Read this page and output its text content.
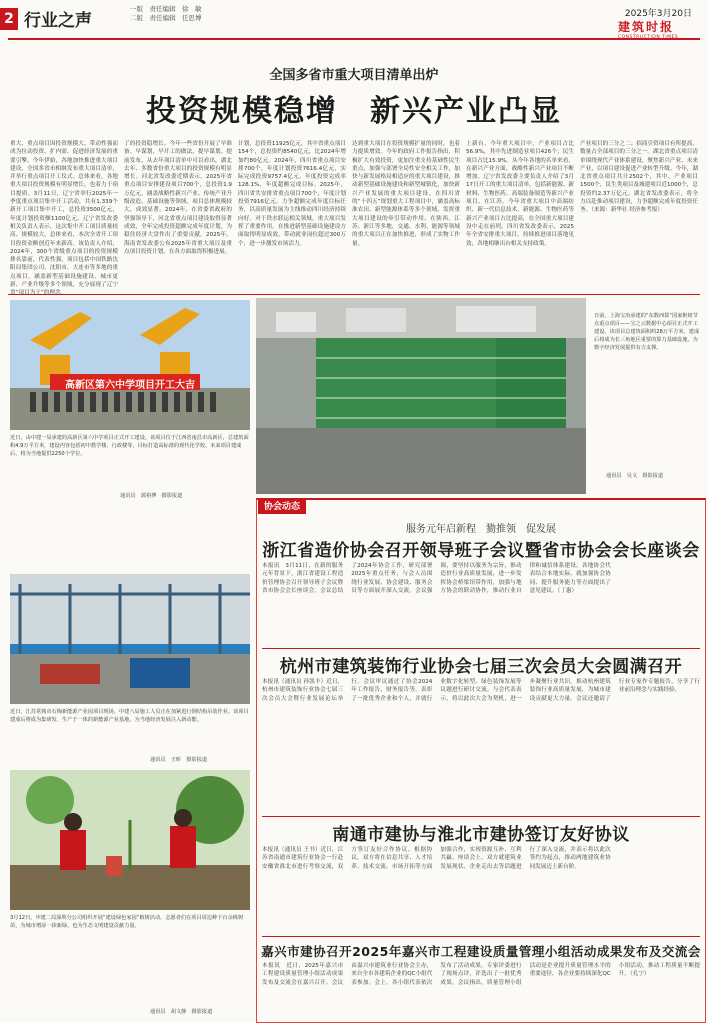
2 行业之声
一版　责任编辑　徐　敏
二版　责任编辑　任思博	2025年3月20日
建筑时报
全国多省市重大项目清单出炉
投资规模稳增　新兴产业凸显
重大、重点项目因投资规模大、带动性强而成为拉动投资、扩内需、促进经济发展的重要引擎。今年伊始，各地加快推进重大项目建设，全国多省市相继发布重大项目清单，并举行重点项目开工仪式。总体来看，各地重大项目投资规模有明显增长，也着力于项目提质。3月11日，辽宁省举行2025年一季度重点项目集中开工活动，共有1,339个新开工项目集中开工，总投资3500亿元，年度计划投资额1100亿元。辽宁省发改委相关负责人表示，这次集中开工项目质量较高、规模较大，总体来看，本次全省开工项目投资金额创近年来新高。该负责人介绍，2024年，300个省级重点项目的投资规模排名靠前，代表性强。项目包括中国铁路沈阳局集团公司、沈阳市、大连市等多地的重点项目，涵盖新型基础设施建设、城市更新、产业升级等多个领域，充分展现了辽宁
了的投资稳增长。今年一些省份开展了早准备、早谋划，早开工的做法，提早谋划、提前发布，从去年项目清单中可以看出，湖北去年、多数省份重大项目的投资规模有明显增长。河北省发改委近期表示，2025年省重点项目安排建设项目700个，总投资1.9万亿元，涵盖战略性新兴产业、传统产业升级改造、基础设施等领域。项目总体规模较大，成效显著。2024年，在省委省政府的坚强领导下，河北省重点项目建设取得显著成效，全年完成投资超额完成年度计划，为稳住经济大盘作出了重要贡献。2025年，海南省发改委公布2025年省重大项目及重点项目投资计划，在各方面取得积极进展。
计划，总投资11925亿元，其中省重点项目154个，总投资约8540亿元，比2024年增加约80亿元。2024年，四川省重点项目安排700个，年度计划投资7616.4亿元，实际完成投资9757.4亿元，年度投资完成率128.1%，年度超额完成目标。2025年，四川省共安排省重点项目700个，年度计划投资7916亿元，力争超额完成年度目标任务，以高质量发展为主线推动四川经济持续向好。对于铁水联运相关领域，重大项目发挥了重要作用，在推进新型基础设施建设方面取得明显成效，带动就业岗位超过300万个，进一步激发市场活力。
达到重大项目在投资规模扩量的同时，也着力提质增效。今年的政府工作报告指出，积极扩大有效投资，更加注重支持基础性民生重点，加强与部署全局性安全相关工作，加快与新发展格局相适应的重大项目建设，推动新型基础设施建设和新型城镇化，加快新兴产业发展的重大项目建设。在四川省的“十四五”规划重大工程项目中，涵盖高标准农田、新型能源体系等多个领域，发挥重大项目建设的牵引带动作用。在陕西、江苏、浙江等多地，交通、水利、能源等领域的重大项目正在加快推进，形成了实物工作量。
上新台，今年重大项目中，产业项目占比56.9%，其中先进制造业项目426个；民生项目占比15.9%。从今年各地的名单来看，在新兴产业方面，战略性新兴产业项目不断增加。辽宁省发改委主要负责人介绍了3月17日开工的重大项目清单，包括新能源、新材料、生物医药、高端装备制造等新兴产业项目。在江苏，今年省重大项目中高端纺织、新一代信息技术、新能源、生物医药等新兴产业项目占比提高，在全国重大项目建设中走在前列。四川省发改委表示，2025年全省安排重大项目，持续推进项目落地见效，各地相继出台相关支持政策。
产业项目的三分之二；招商引资项目有所提高，数量占全部项目的三分之一。湖北省重点项目清单围绕现代产业体系建设，聚焦新兴产业、未来产业，以项目建设促进产业转型升级。今年，湖北省重点项目共计2502个，其中，产业项目1500个，民生类项目及城建项目近1000个，总投资约2.37万亿元。湖北省发改委表示，将全力以赴推动项目建设，力争超额完成年度投资任务。（来源：新华社 经济参考报）
高新区第六中学项目开工大吉
近日，由中建一局承建的高新区第六中学项目正式开工建设。该项目位于江西省南昌市高新区，总建筑面积4.9万平方米，建设内容包括初中教学楼、行政楼等，目标打造高标准的现代化学校。未来项目建成后，将为当地提供2250个学位。
通讯员　郭裕博　摄影报道
日前，上海宝冶承建的“东数西算”国家枢纽节点重点项目——宝之云数据中心项目正式开工建设。该项目总建筑面积约28万平方米，建成后将成为长三角地区重要的算力基础设施，为数字经济发展提供有力支撑。
通讯员　吴文　摄影报道
近日，江苏常熟市石梅新能源产业园项目现场，中建八局施工人员正在加紧进行钢结构吊装作业。该项目建成后将成为集研发、生产于一体的新能源产业基地，为当地经济发展注入新动能。
通讯员　王昕　摄影报道
3月12日，中建二局深圳分公司组织开展“建设绿色家园”植树活动，志愿者们在项目周边种下百余株树苗，为城市增添一抹新绿，也为生态文明建设贡献力量。
通讯员　胡文静　摄影报道
协会动态
服务元年启新程　勠推领　促发展
浙江省造价协会召开领导班子会议暨省市协会会长座谈会
本报讯　3月11日，在新的服务元年背景下，浙江省建设工程造价管理协会召开领导班子会议暨省市协会会长座谈会，会议总结了2024年协会工作，研究部署2025年重点任务，与会人员围绕行业发展、协会建设、服务会员等方面展开深入交流。会议强调，要坚持以服务为宗旨，推动造价行业高质量发展，进一步发挥协会桥梁纽带作用，加强与地方协会的联动协作，推动行业自律和诚信体系建设。各地协会代表结合本地实际，就加强协会协同、提升服务能力等方面提出了意见建议。（丁惠）
杭州市建筑装饰行业协会七届三次会员大会圆满召开
本报讯（通讯员 孙凯丰）近日，杭州市建筑装饰行业协会七届三次会员大会暨行业发展论坛举行。会议审议通过了协会2024年工作报告、财务报告等，表彰了一批优秀企业和个人，并就行业数字化转型、绿色装饰发展等议题进行研讨交流。与会代表表示，将以此次大会为契机，进一步凝聚行业共识，推动杭州建筑装饰行业高质量发展，为城市建设贡献更大力量。会议还邀请了行业专家作专题报告，分享了行业前沿理念与实践经验。
南通市建协与淮北市建协签订友好协议
本报讯（通讯员 王书）近日，江苏省南通市建筑行业协会一行赴安徽省淮北市进行考察交流，双方签订友好合作协议。根据协议，双方将在信息共享、人才培养、技术交流、市场开拓等方面加强合作，实现资源互补、互利共赢。座谈会上，双方就建筑业发展现状、企业走出去等话题进行了深入交流，并表示将以此次签约为起点，推动两地建筑业协同发展迈上新台阶。
嘉兴市建协召开2025年嘉兴市工程建设质量管理小组活动成果发布及交流会
本报讯　近日，2025年嘉兴市工程建设质量管理小组活动成果发布及交流会在嘉兴召开。会议由嘉兴市建筑业行业协会主办，来自全市各建筑企业的QC小组代表参加。会上，各小组代表依次发布了活动成果，专家评委进行了现场点评，评选出了一批优秀成果。会议指出，质量管理小组活动是企业提升质量管理水平的重要途径，各企业要持续深化QC小组活动，推动工程质量不断提升。（孔宁）
